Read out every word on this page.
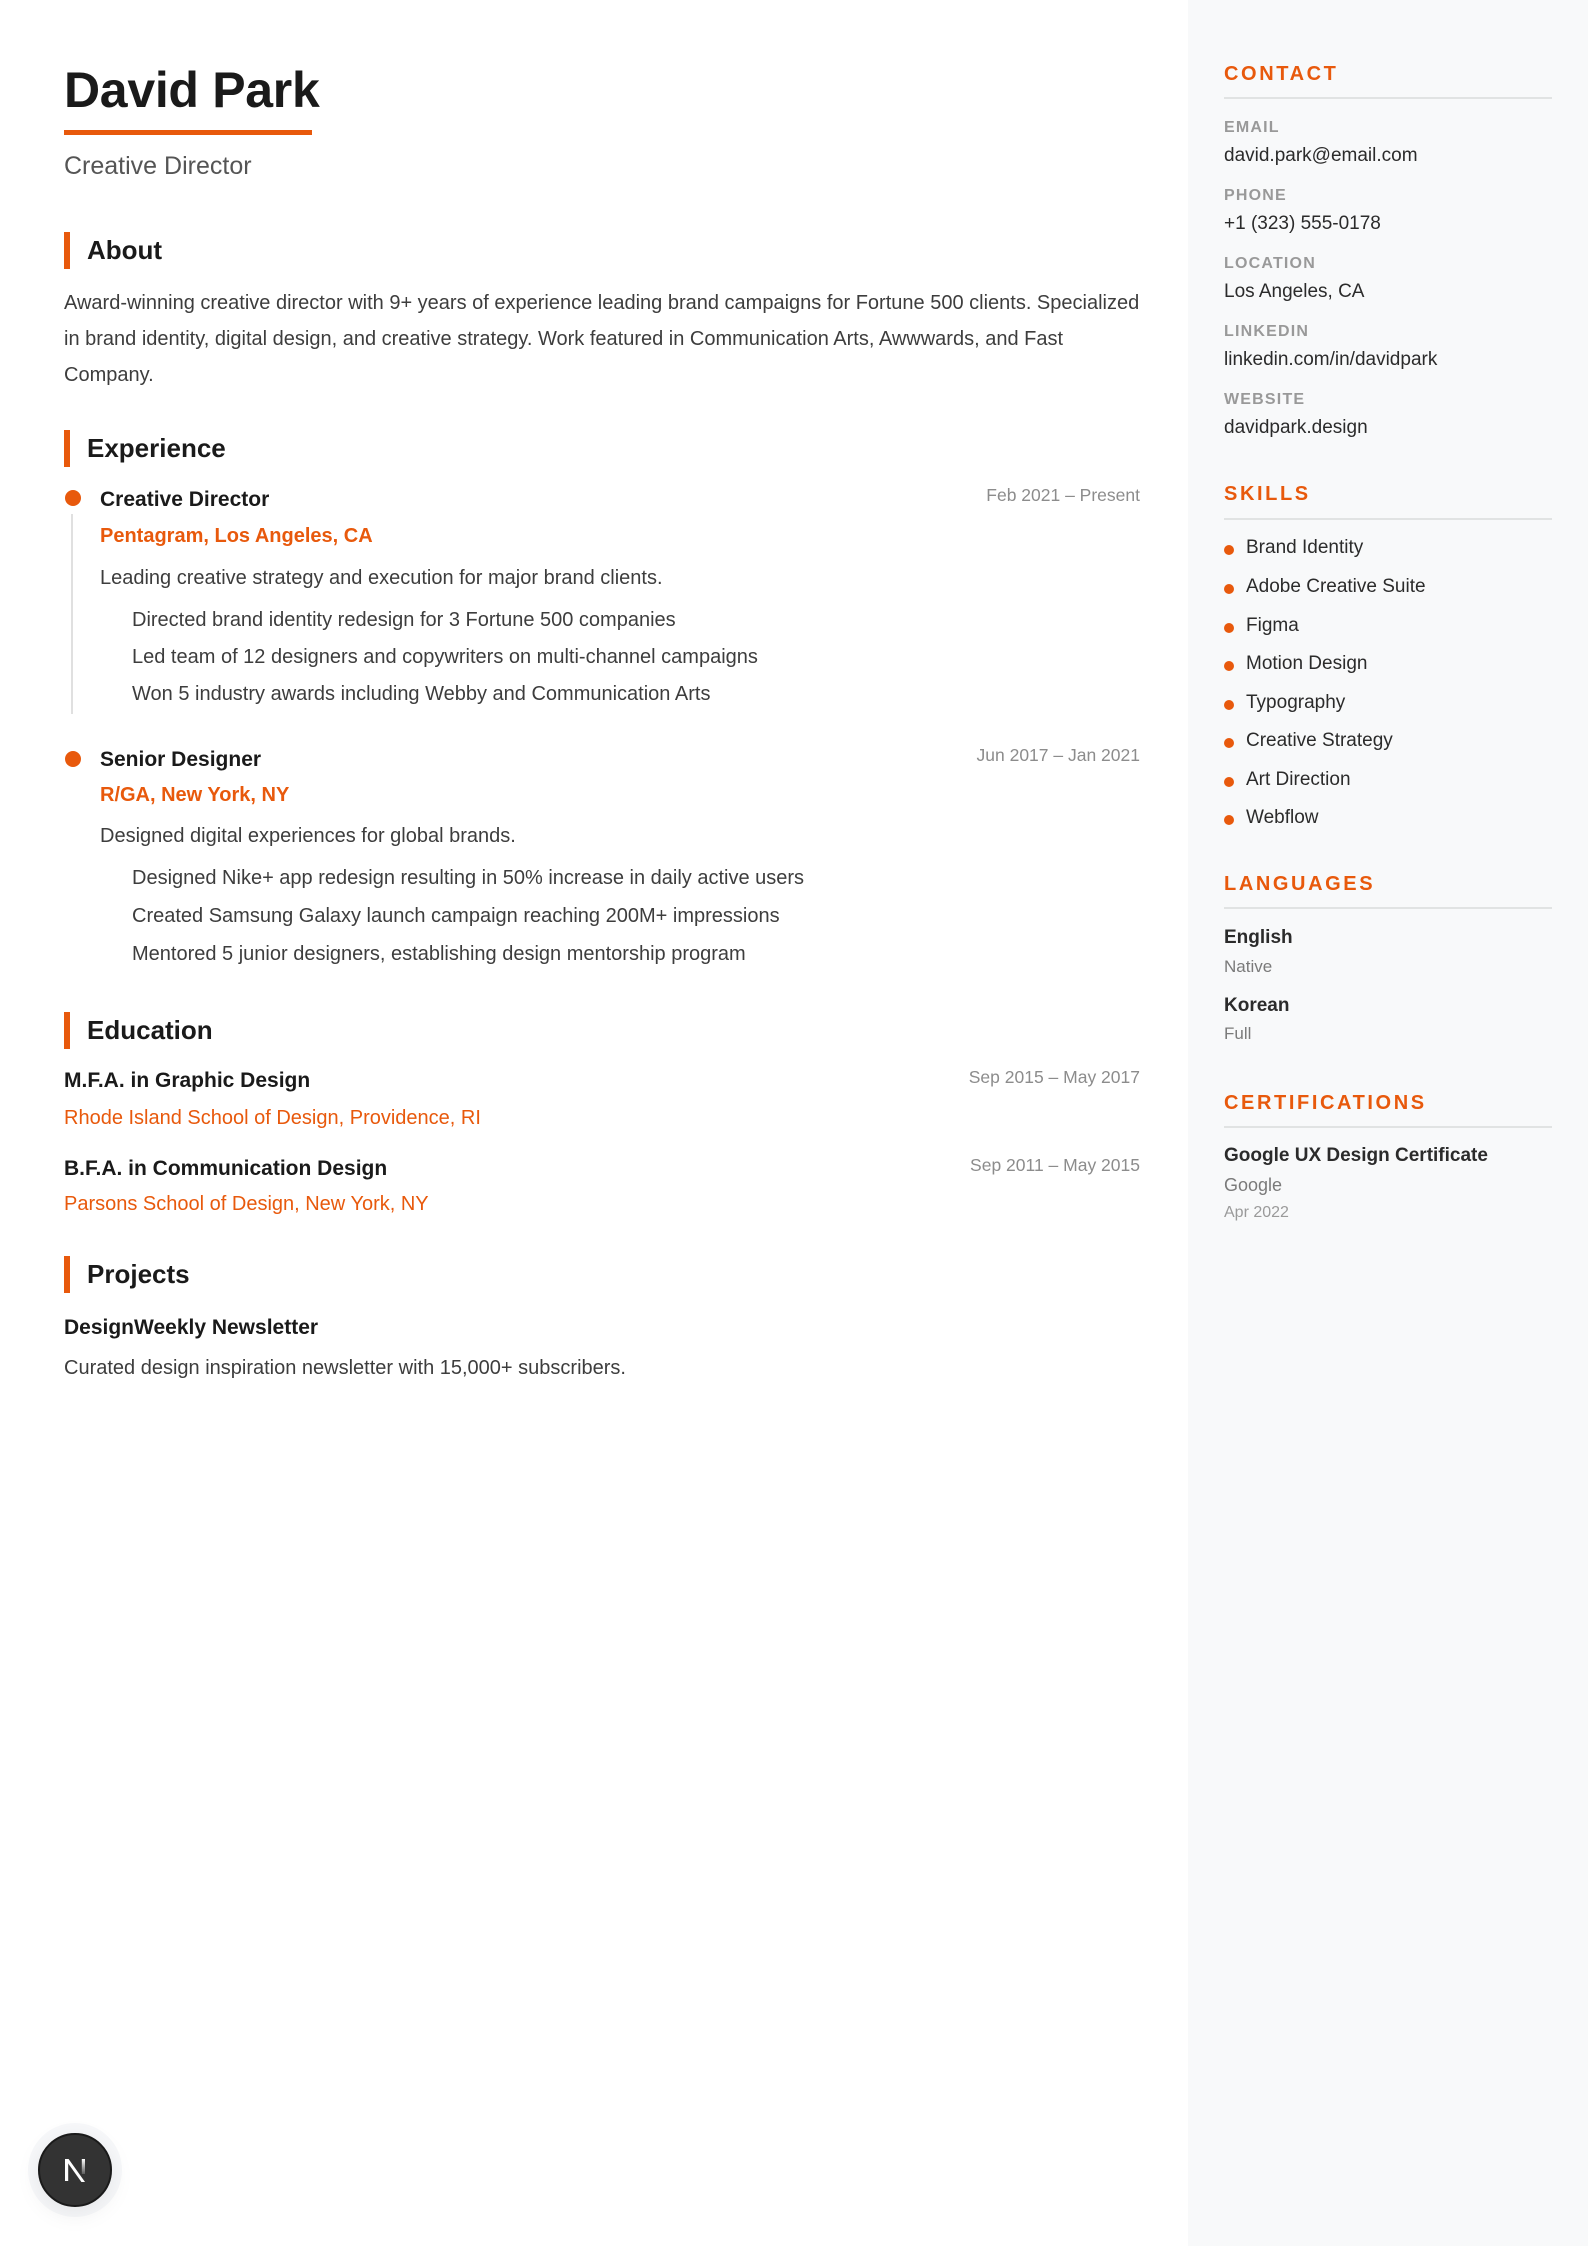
David Park
Creative Director
About
Award-winning creative director with 9+ years of experience leading brand campaigns for Fortune 500 clients. Specialized in brand identity, digital design, and creative strategy. Work featured in Communication Arts, Awwwards, and Fast Company.
Experience
Creative Director	Feb 2021 – Present
Pentagram, Los Angeles, CA
Leading creative strategy and execution for major brand clients.
Directed brand identity redesign for 3 Fortune 500 companies
Led team of 12 designers and copywriters on multi-channel campaigns
Won 5 industry awards including Webby and Communication Arts
Senior Designer	Jun 2017 – Jan 2021
R/GA, New York, NY
Designed digital experiences for global brands.
Designed Nike+ app redesign resulting in 50% increase in daily active users
Created Samsung Galaxy launch campaign reaching 200M+ impressions
Mentored 5 junior designers, establishing design mentorship program
Education
M.F.A. in Graphic Design	Sep 2015 – May 2017
Rhode Island School of Design, Providence, RI
B.F.A. in Communication Design	Sep 2011 – May 2015
Parsons School of Design, New York, NY
Projects
DesignWeekly Newsletter
Curated design inspiration newsletter with 15,000+ subscribers.
CONTACT
EMAIL
david.park@email.com
PHONE
+1 (323) 555-0178
LOCATION
Los Angeles, CA
LINKEDIN
linkedin.com/in/davidpark
WEBSITE
davidpark.design
SKILLS
Brand Identity
Adobe Creative Suite
Figma
Motion Design
Typography
Creative Strategy
Art Direction
Webflow
LANGUAGES
English
Native
Korean
Full
CERTIFICATIONS
Google UX Design Certificate
Google
Apr 2022
